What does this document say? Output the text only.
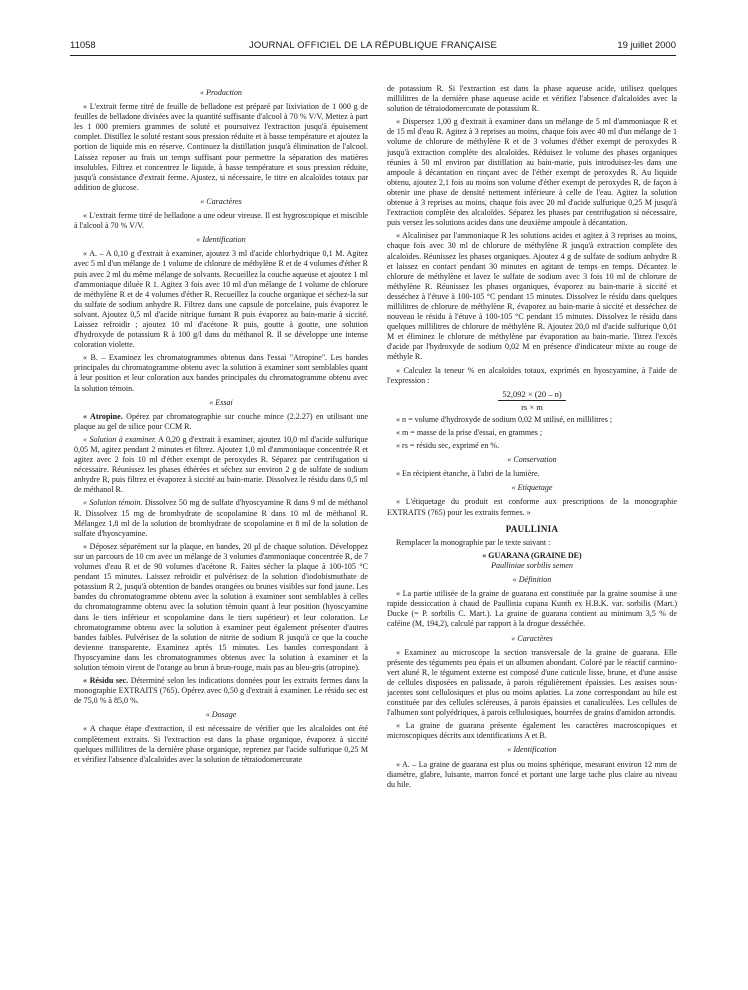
11058	JOURNAL OFFICIEL DE LA RÉPUBLIQUE FRANÇAISE	19 juillet 2000

« Production

« L'extrait ferme titré de feuille de belladone est préparé par lixiviation de 1 000 g de feuilles de belladone divisées avec la quantité suffisante d'alcool à 70 % V/V. Mettez à part les 1 000 premiers grammes de soluté et poursuivez l'extraction jusqu'à épuisement complet. Distillez le soluté restant sous pression réduite et à basse température et ajoutez la portion de liquide mis en réserve. Continuez la distillation jusqu'à élimination de l'alcool. Laissez reposer au frais un temps suffisant pour permettre la séparation des matières insolubles. Filtrez et concentrez le liquide, à basse température et sous pression réduite, jusqu'à consistance d'extrait ferme. Ajustez, si nécessaire, le titre en alcaloïdes totaux par addition de glucose.

« Caractères

« L'extrait ferme titré de belladone a une odeur vireuse. Il est hygroscopique et miscible à l'alcool à 70 % V/V.

« Identification

« A. – A 0,10 g d'extrait à examiner, ajoutez 3 ml d'acide chlorhydrique 0,1 M. Agitez avec 5 ml d'un mélange de 1 volume de chlorure de méthylène R et de 4 volumes d'éther R puis avec 2 ml du même mélange de solvants. Recueillez la couche aqueuse et ajoutez 1 ml d'ammoniaque diluée R 1. Agitez 3 fois avec 10 ml d'un mélange de 1 volume de chlorure de méthylène R et de 4 volumes d'éther R. Recueillez la couche organique et séchez-la sur du sulfate de sodium anhydre R. Filtrez dans une capsule de porcelaine, puis évaporez le solvant. Ajoutez 0,5 ml d'acide nitrique fumant R puis évaporez au bain-marie à siccité. Laissez refroidir ; ajoutez 10 ml d'acétone R puis, goutte à goutte, une solution d'hydroxyde de potassium R à 100 g/l dans du méthanol R. Il se développe une intense coloration violette.

« B. – Examinez les chromatogrammes obtenus dans l'essai "Atropine". Les bandes principales du chromatogramme obtenu avec la solution à examiner sont semblables quant à leur position et leur coloration aux bandes principales du chromatogramme obtenu avec la solution témoin.

« Essai

« Atropine. Opérez par chromatographie sur couche mince (2.2.27) en utilisant une plaque au gel de silice pour CCM R.

« Solution à examiner. A 0,20 g d'extrait à examiner, ajoutez 10,0 ml d'acide sulfurique 0,05 M, agitez pendant 2 minutes et filtrez. Ajoutez 1,0 ml d'ammoniaque concentrée R et agitez avec 2 fois 10 ml d'éther exempt de peroxydes R. Séparez par centrifugation si nécessaire. Réunissez les phases éthérées et séchez sur environ 2 g de sulfate de sodium anhydre R, puis filtrez et évaporez à siccité au bain-marie. Dissolvez le résidu dans 0,5 ml de méthanol R.

« Solution témoin. Dissolvez 50 mg de sulfate d'hyoscyamine R dans 9 ml de méthanol R. Dissolvez 15 mg de bromhydrate de scopolamine R dans 10 ml de méthanol R. Mélangez 1,8 ml de la solution de bromhydrate de scopolamine et 8 ml de la solution de sulfate d'hyoscyamine.

« Déposez séparément sur la plaque, en bandes, 20 µl de chaque solution. Développez sur un parcours de 10 cm avec un mélange de 3 volumes d'ammoniaque concentrée R, de 7 volumes d'eau R et de 90 volumes d'acétone R. Faites sécher la plaque à 100-105 °C pendant 15 minutes. Laissez refroidir et pulvérisez de la solution d'iodobismuthate de potassium R 2, jusqu'à obtention de bandes orangées ou brunes visibles sur fond jaune. Les bandes du chromatogramme obtenu avec la solution à examiner sont semblables à celles du chromatogramme obtenu avec la solution témoin quant à leur position (hyoscyamine dans le tiers inférieur et scopolamine dans le tiers supérieur) et leur coloration. Le chromatogramme obtenu avec la solution à examiner peut également présenter d'autres bandes faibles. Pulvérisez de la solution de nitrite de sodium R jusqu'à ce que la couche devienne transparente. Examinez après 15 minutes. Les bandes correspondant à l'hyoscyamine dans les chromatogrammes obtenus avec la solution à examiner et la solution témoin virent de l'orange au brun à brun-rouge, mais pas au bleu-gris (atropine).

« Résidu sec. Déterminé selon les indications données pour les extraits fermes dans la monographie EXTRAITS (765). Opérez avec 0,50 g d'extrait à examiner. Le résidu sec est de 75,0 % à 85,0 %.

« Dosage

« A chaque étape d'extraction, il est nécessaire de vérifier que les alcaloïdes ont été complètement extraits. Si l'extraction est dans la phase organique, évaporez à siccité quelques millilitres de la dernière phase organique, reprenez par l'acide sulfurique 0,25 M et vérifiez l'absence d'alcaloïdes avec la solution de tétraiodomercurate

de potassium R. Si l'extraction est dans la phase aqueuse acide, utilisez quelques millilitres de la dernière phase aqueuse acide et vérifiez l'absence d'alcaloïdes avec la solution de tétraiodomercurate de potassium R.

« Dispersez 1,00 g d'extrait à examiner dans un mélange de 5 ml d'ammoniaque R et de 15 ml d'eau R. Agitez à 3 reprises au moins, chaque fois avec 40 ml d'un mélange de 1 volume de chlorure de méthylène R et de 3 volumes d'éther exempt de peroxydes R jusqu'à extraction complète des alcaloïdes. Réduisez le volume des phases organiques réunies à 50 ml environ par distillation au bain-marie, puis introduisez-les dans une ampoule à décantation en rinçant avec de l'éther exempt de peroxydes R. Au liquide obtenu, ajoutez 2,1 fois au moins son volume d'éther exempt de peroxydes R, de façon à obtenir une phase de densité nettement inférieure à celle de l'eau. Agitez la solution obtenue à 3 reprises au moins, chaque fois avec 20 ml d'acide sulfurique 0,25 M jusqu'à l'extraction complète des alcaloïdes. Séparez les phases par centrifugation si nécessaire, puis versez les solutions acides dans une deuxième ampoule à décantation.

« Alcalinisez par l'ammoniaque R les solutions acides et agitez à 3 reprises au moins, chaque fois avec 30 ml de chlorure de méthylène R jusqu'à extraction complète des alcaloïdes. Réunissez les phases organiques. Ajoutez 4 g de sulfate de sodium anhydre R et laissez en contact pendant 30 minutes en agitant de temps en temps. Décantez le chlorure de méthylène et lavez le sulfate de sodium avec 3 fois 10 ml de chlorure de méthylène R. Réunissez les phases organiques, évaporez au bain-marie à siccité et desséchez à l'étuve à 100-105 °C pendant 15 minutes. Dissolvez le résidu dans quelques millilitres de chlorure de méthylène R, évaporez au bain-marie à siccité et desséchez de nouveau le résidu à l'étuve à 100-105 °C pendant 15 minutes. Dissolvez le résidu dans quelques millilitres de chlorure de méthylène R. Ajoutez 20,0 ml d'acide sulfurique 0,01 M et éliminez le chlorure de méthylène par évaporation au bain-marie. Titrez l'excès d'acide par l'hydroxyde de sodium 0,02 M en présence d'indicateur mixte au rouge de méthyle R.

« Calculez la teneur % en alcaloïdes totaux, exprimés en hyoscyamine, à l'aide de l'expression :

52,092 × (20 – n)
rs × m

« n = volume d'hydroxyde de sodium 0,02 M utilisé, en millilitres ;

« m = masse de la prise d'essai, en grammes ;

« rs = résidu sec, exprimé en %.

« Conservation

« En récipient étanche, à l'abri de la lumière.

« Etiquetage

« L'étiquetage du produit est conforme aux prescriptions de la monographie EXTRAITS (765) pour les extraits fermes. »

PAULLINIA

Remplacer la monographie par le texte suivant :

« GUARANA (GRAINE DE)

Paulliniae sorbilis semen

« Définition

« La partie utilisée de la graine de guarana est constituée par la graine soumise à une rapide dessiccation à chaud de Paullinia cupana Kunth ex H.B.K. var. sorbilis (Mart.) Ducke (= P. sorbilis C. Mart.). La graine de guarana contient au minimum 3,5 % de caféine (M, 194,2), calculé par rapport à la drogue desséchée.

« Caractères

« Examinez au microscope la section transversale de la graine de guarana. Elle présente des téguments peu épais et un albumen abondant. Coloré par le réactif carmino-vert aluné R, le tégument externe est composé d'une cuticule lisse, brune, et d'une assise de cellules disposées en palissade, à parois régulièrement épaissies. Les assises sous-jacentes sont cellulosiques et plus ou moins aplaties. La zone correspondant au hile est constituée par des cellules scléreuses, à parois épaissies et canaliculées. Les cellules de l'albumen sont polyédriques, à parois cellulosiques, bourrées de grains d'amidon arrondis.

« La graine de guarana présente également les caractères macroscopiques et microscopiques décrits aux identifications A et B.

« Identification

« A. – La graine de guarana est plus ou moins sphérique, mesurant environ 12 mm de diamètre, glabre, luisante, marron foncé et portant une large tache plus claire au niveau du hile.
